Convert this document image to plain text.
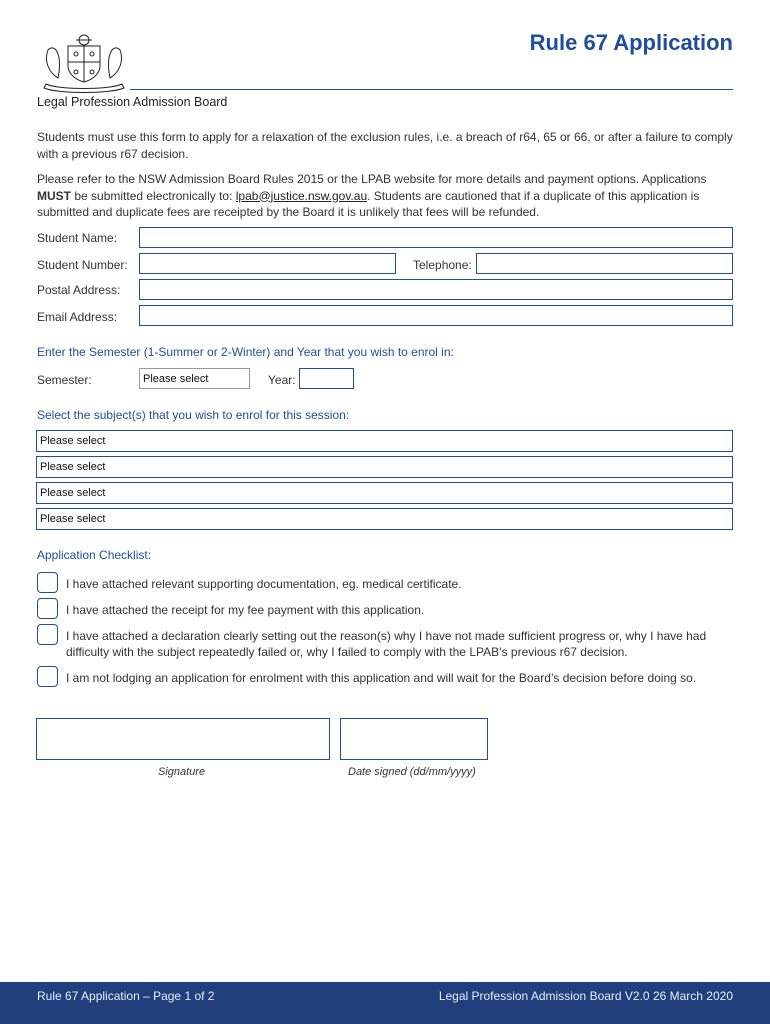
Rule 67 Application
Legal Profession Admission Board
Students must use this form to apply for a relaxation of the exclusion rules, i.e. a breach of r64, 65 or 66, or after a failure to comply with a previous r67 decision.
Please refer to the NSW Admission Board Rules 2015 or the LPAB website for more details and payment options. Applications MUST be submitted electronically to: lpab@justice.nsw.gov.au. Students are cautioned that if a duplicate of this application is submitted and duplicate fees are receipted by the Board it is unlikely that fees will be refunded.
Student Name:
Student Number:	Telephone:
Postal Address:
Email Address:
Enter the Semester (1-Summer or 2-Winter) and Year that you wish to enrol in:
Semester:	Please select	Year:
Select the subject(s) that you wish to enrol for this session:
Please select
Please select
Please select
Please select
Application Checklist:
I have attached relevant supporting documentation, eg. medical certificate.
I have attached the receipt for my fee payment with this application.
I have attached a declaration clearly setting out the reason(s) why I have not made sufficient progress or, why I have had difficulty with the subject repeatedly failed or, why I failed to comply with the LPAB’s previous r67 decision.
I am not lodging an application for enrolment with this application and will wait for the Board’s decision before doing so.
Signature	Date signed (dd/mm/yyyy)
Rule 67 Application – Page 1 of 2	Legal Profession Admission Board V2.0 26 March 2020
